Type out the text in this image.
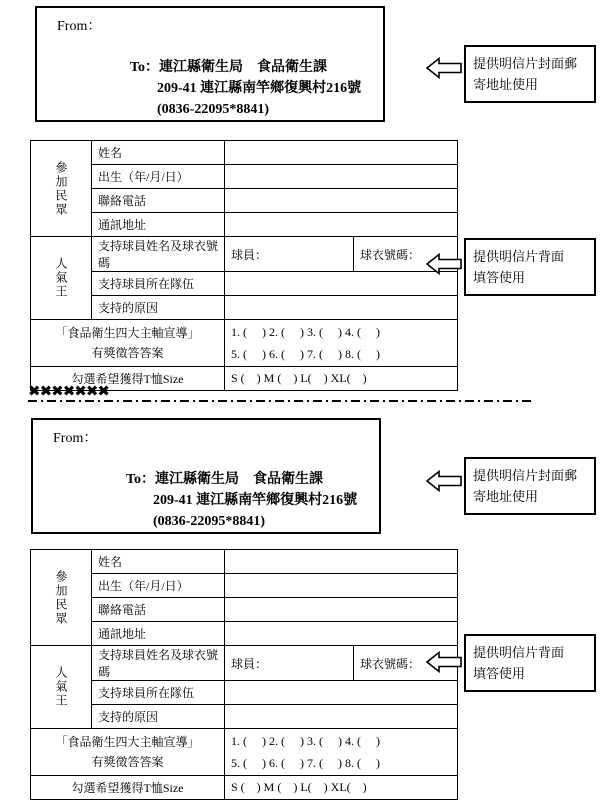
From：
To：連江縣衛生局　食品衛生課
209-41 連江縣南竿鄉復興村216號
(0836-22095*8841)
提供明信片封面郵
寄地址使用
參加民眾	姓名		
	出生（年/月/日）		
	聯絡電話		
	通訊地址		

人氣王	支持球員姓名及球衣號碼	球員：	球衣號碼：
	支持球員所在隊伍		
	支持的原因		

「食品衛生四大主軸宣導」
有獎徵答答案

1. (     ) 2. (     ) 3. (     ) 4. (     )
5. (     ) 6. (     ) 7. (     ) 8. (     )

勾選希望獲得T恤Size		S (    ) M (    ) L(    ) XL(    )	
提供明信片背面
填答使用
✖✖✖✖✖✖✖
From：
To：連江縣衛生局　食品衛生課
209-41 連江縣南竿鄉復興村216號
(0836-22095*8841)
提供明信片封面郵
寄地址使用
參加民眾	姓名		
	出生（年/月/日）		
	聯絡電話		
	通訊地址		

人氣王	支持球員姓名及球衣號碼	球員：	球衣號碼：
	支持球員所在隊伍		
	支持的原因		

「食品衛生四大主軸宣導」
有獎徵答答案

1. (     ) 2. (     ) 3. (     ) 4. (     )
5. (     ) 6. (     ) 7. (     ) 8. (     )

勾選希望獲得T恤Size		S (    ) M (    ) L(    ) XL(    )	
提供明信片背面
填答使用
